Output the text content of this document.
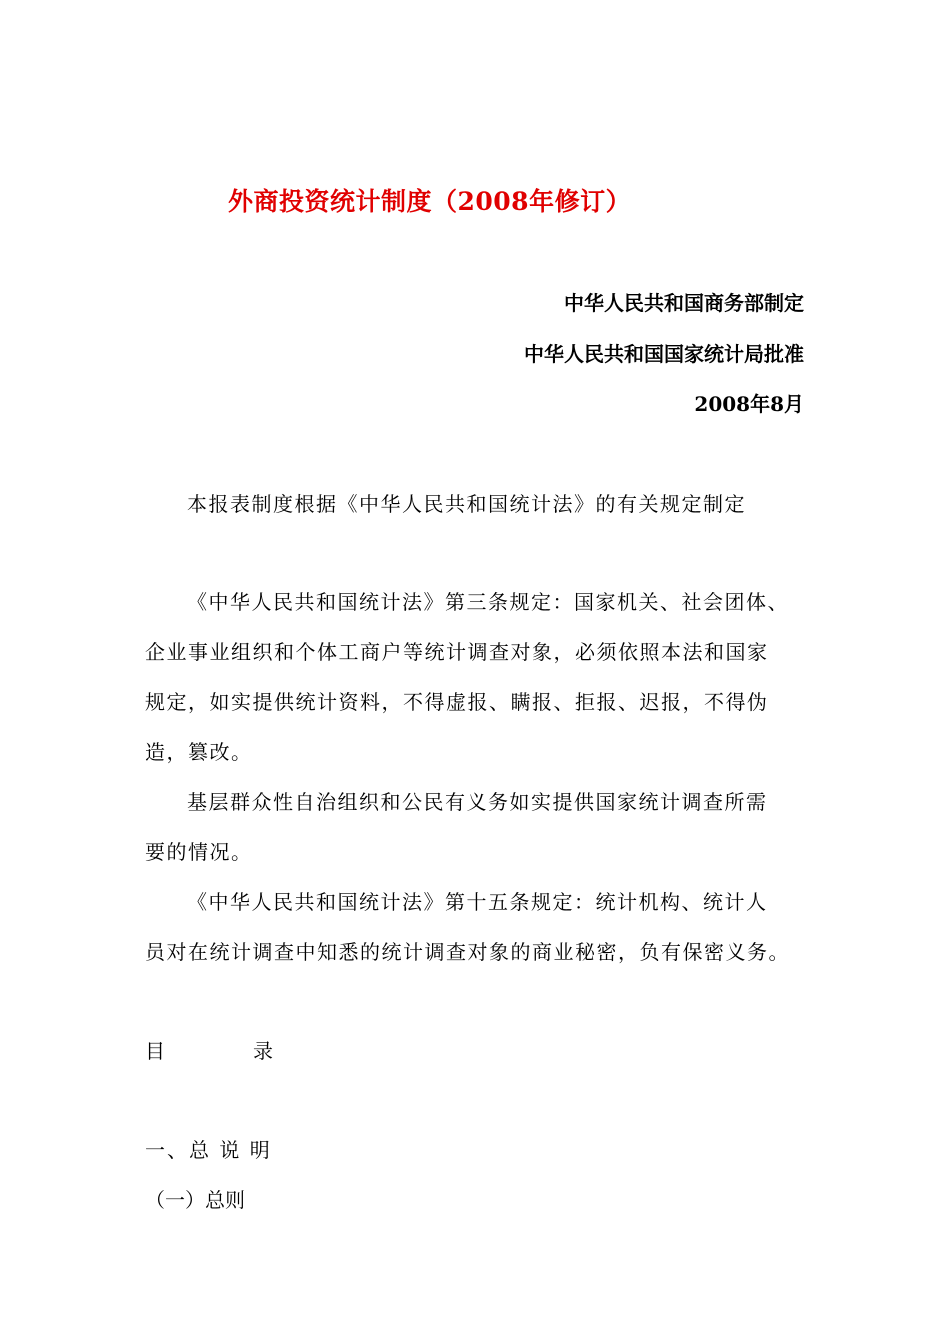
外商投资统计制度（2008年修订）
中华人民共和国商务部制定
中华人民共和国国家统计局批准
2008年8月
本报表制度根据《中华人民共和国统计法》的有关规定制定
《中华人民共和国统计法》第三条规定：国家机关、社会团体、
企业事业组织和个体工商户等统计调查对象，必须依照本法和国家
规定，如实提供统计资料，不得虚报、瞒报、拒报、迟报，不得伪
造，篡改。
基层群众性自治组织和公民有义务如实提供国家统计调查所需
要的情况。
《中华人民共和国统计法》第十五条规定：统计机构、统计人
员对在统计调查中知悉的统计调查对象的商业秘密，负有保密义务。
目	录
一、总 说 明
（一）总则
